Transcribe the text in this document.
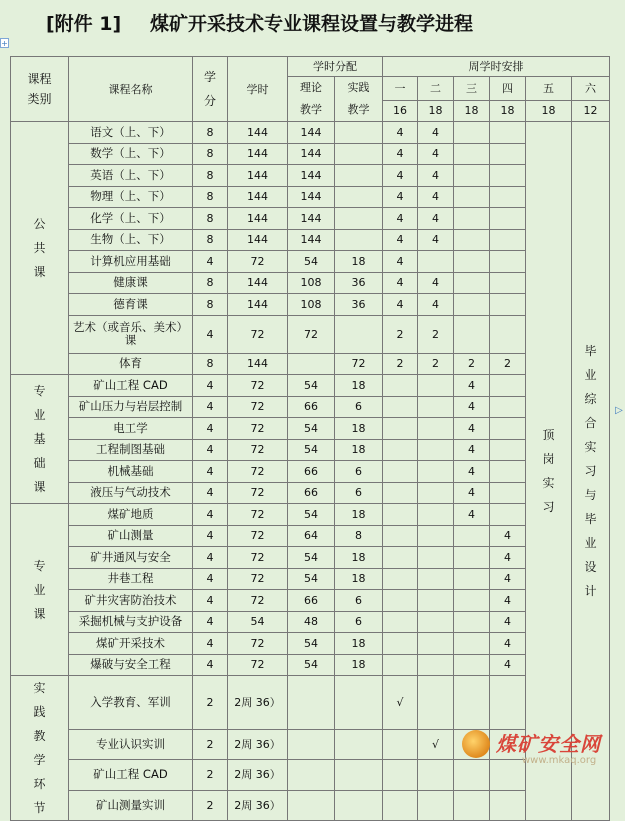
[附件 1] 煤矿开采技术专业课程设置与教学进程
+
▷
课程类别	课程名称	学分	学时	学时分配		周学时安排					
				理论教学	实践教学	一	二	三	四	五	六
						16	18	18	18	18	12
公共课	语文（上、下）	8	144	144		4	4			顶岗实习	毕业综合实习与毕业设计
	数学（上、下）	8	144	144		4	4				
	英语（上、下）	8	144	144		4	4				
	物理（上、下）	8	144	144		4	4				
	化学（上、下）	8	144	144		4	4				
	生物（上、下）	8	144	144		4	4				
	计算机应用基础	4	72	54	18	4					
	健康课	8	144	108	36	4	4				
	德育课	8	144	108	36	4	4				
	艺术（或音乐、美术）课	4	72	72		2	2				
	体育	8	144		72	2	2	2	2		
专业基础课	矿山工程 CAD	4	72	54	18			4			
	矿山压力与岩层控制	4	72	66	6			4			
	电工学	4	72	54	18			4			
	工程制图基础	4	72	54	18			4			
	机械基础	4	72	66	6			4			
	液压与气动技术	4	72	66	6			4			
专业课	煤矿地质	4	72	54	18			4			
	矿山测量	4	72	64	8				4		
	矿井通风与安全	4	72	54	18				4		
	井巷工程	4	72	54	18				4		
	矿井灾害防治技术	4	72	66	6				4		
	采掘机械与支护设备	4	54	48	6				4		
	煤矿开采技术	4	72	54	18				4		
	爆破与安全工程	4	72	54	18				4		
实践教学环节	入学教育、军训	2	2周 36）			√					
	专业认识实训	2	2周 36）				√				
	矿山工程 CAD	2	2周 36）								
	矿山测量实训	2	2周 36）								
煤矿安全网
www.mkaq.org
